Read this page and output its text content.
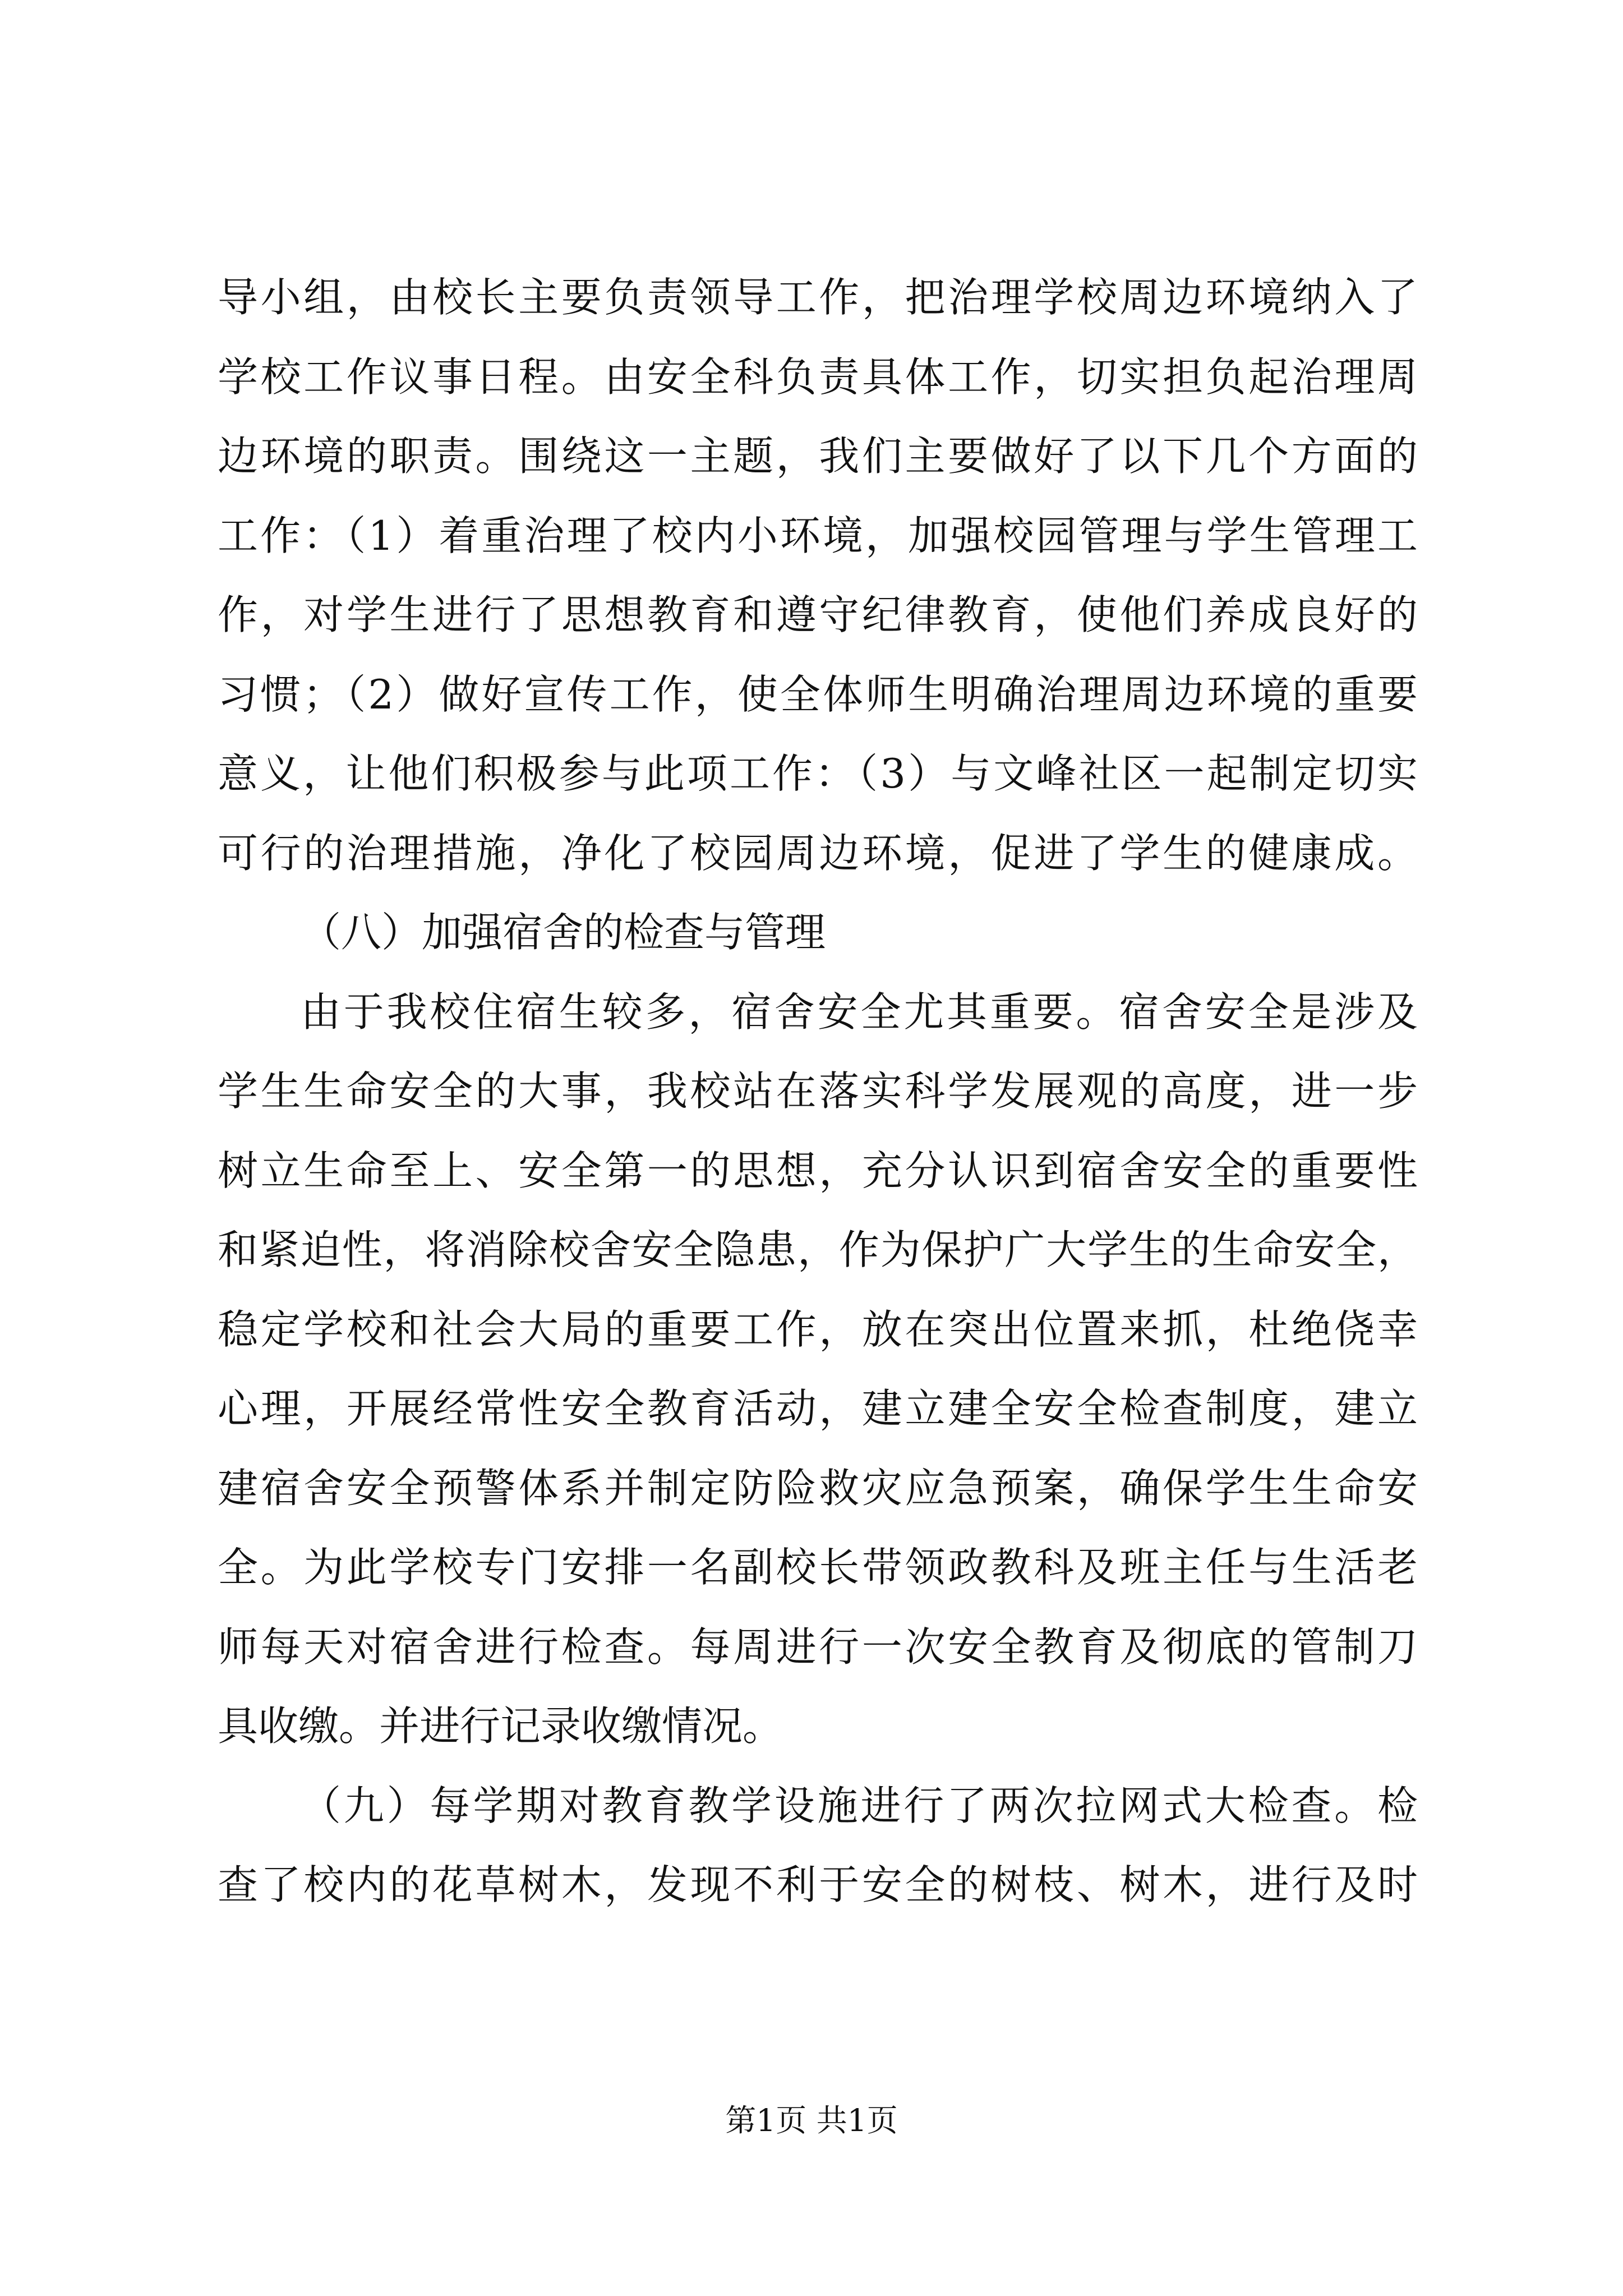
导小组，由校长主要负责领导工作，把治理学校周边环境纳入了

学校工作议事日程。由安全科负责具体工作，切实担负起治理周

边环境的职责。围绕这一主题，我们主要做好了以下几个方面的

工作：（1）着重治理了校内小环境，加强校园管理与学生管理工

作，对学生进行了思想教育和遵守纪律教育，使他们养成良好的

习惯；（2）做好宣传工作，使全体师生明确治理周边环境的重要

意义，让他们积极参与此项工作：（3）与文峰社区一起制定切实

可行的治理措施，净化了校园周边环境，促进了学生的健康成。

（八）加强宿舍的检查与管理

由于我校住宿生较多，宿舍安全尤其重要。宿舍安全是涉及

学生生命安全的大事，我校站在落实科学发展观的高度，进一步

树立生命至上、安全第一的思想，充分认识到宿舍安全的重要性

和紧迫性，将消除校舍安全隐患，作为保护广大学生的生命安全，

稳定学校和社会大局的重要工作，放在突出位置来抓，杜绝侥幸

心理，开展经常性安全教育活动，建立建全安全检查制度，建立

建宿舍安全预警体系并制定防险救灾应急预案，确保学生生命安

全。为此学校专门安排一名副校长带领政教科及班主任与生活老

师每天对宿舍进行检查。每周进行一次安全教育及彻底的管制刀

具收缴。并进行记录收缴情况。

（九）每学期对教育教学设施进行了两次拉网式大检查。检

查了校内的花草树木，发现不利于安全的树枝、树木，进行及时

第1页 共1页
